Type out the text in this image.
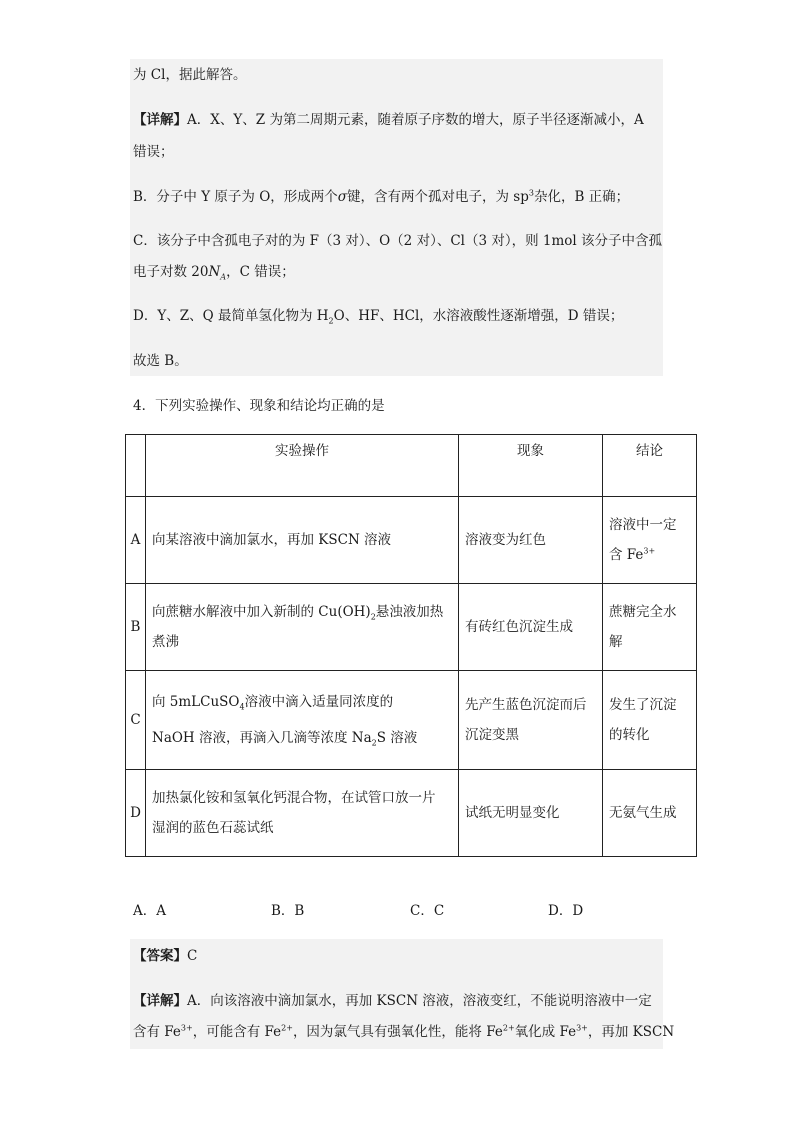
为 Cl，据此解答。
【详解】A．X、Y、Z 为第二周期元素，随着原子序数的增大，原子半径逐渐减小，A
错误；
B．分子中 Y 原子为 O，形成两个σ键，含有两个孤对电子，为 $sp^3$杂化，B 正确；
C．该分子中含孤电子对的为 F（3 对）、O（2 对）、Cl（3 对），则 1mol 该分子中含孤
电子对数 $20N_A$，C 错误；
D．Y、Z、Q 最简单氢化物为 $H_2O$、HF、HCl，水溶液酸性逐渐增强，D 错误；
故选 B。
4．下列实验操作、现象和结论均正确的是
	实验操作	现象	结论
A	向某溶液中滴加氯水，再加 KSCN 溶液	溶液变为红色	溶液中一定
含 $Fe^{3+}$
B	向蔗糖水解液中加入新制的 $Cu(OH)_2$悬浊液加热
煮沸	有砖红色沉淀生成	蔗糖完全水
解
C	向 5mLCuSO$_4$溶液中滴入适量同浓度的
NaOH 溶液，再滴入几滴等浓度 $Na_2S$ 溶液	先产生蓝色沉淀而后
沉淀变黑	发生了沉淀
的转化
D	加热氯化铵和氢氧化钙混合物，在试管口放一片
湿润的蓝色石蕊试纸	试纸无明显变化	无氨气生成
A．A	B．B	C．C	D．D
【答案】C
【详解】A．向该溶液中滴加氯水，再加 KSCN 溶液，溶液变红，不能说明溶液中一定
含有 $Fe^{3+}$，可能含有 $Fe^{2+}$，因为氯气具有强氧化性，能将 $Fe^{2+}$氧化成 $Fe^{3+}$，再加 KSCN
